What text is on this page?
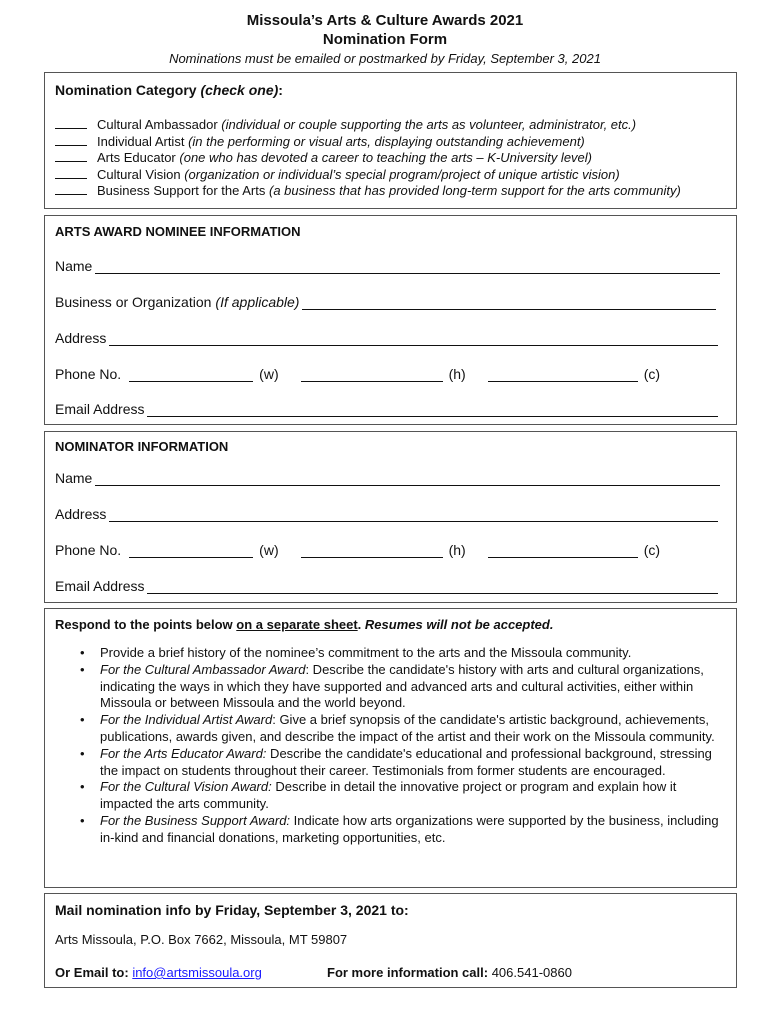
Missoula’s Arts & Culture Awards 2021
Nomination Form
Nominations must be emailed or postmarked by Friday, September 3, 2021
Nomination Category (check one):
Cultural Ambassador (individual or couple supporting the arts as volunteer, administrator, etc.)
Individual Artist (in the performing or visual arts, displaying outstanding achievement)
Arts Educator (one who has devoted a career to teaching the arts – K-University level)
Cultural Vision (organization or individual’s special program/project of unique artistic vision)
Business Support for the Arts (a business that has provided long-term support for the arts community)
ARTS AWARD NOMINEE INFORMATION
Name
Business or Organization (If applicable)
Address
Phone No.	(w)	(h)	(c)
Email Address
NOMINATOR INFORMATION
Name
Address
Phone No.	(w)	(h)	(c)
Email Address
Respond to the points below on a separate sheet. Resumes will not be accepted.
• Provide a brief history of the nominee’s commitment to the arts and the Missoula community.
• For the Cultural Ambassador Award: Describe the candidate's history with arts and cultural organizations, indicating the ways in which they have supported and advanced arts and cultural activities, either within Missoula or between Missoula and the world beyond.
• For the Individual Artist Award: Give a brief synopsis of the candidate's artistic background, achievements, publications, awards given, and describe the impact of the artist and their work on the Missoula community.
• For the Arts Educator Award: Describe the candidate's educational and professional background, stressing the impact on students throughout their career. Testimonials from former students are encouraged.
• For the Cultural Vision Award: Describe in detail the innovative project or program and explain how it impacted the arts community.
• For the Business Support Award: Indicate how arts organizations were supported by the business, including in-kind and financial donations, marketing opportunities, etc.
Mail nomination info by Friday, September 3, 2021 to:
Arts Missoula, P.O. Box 7662, Missoula, MT 59807
Or Email to: info@artsmissoula.org	For more information call: 406.541-0860
